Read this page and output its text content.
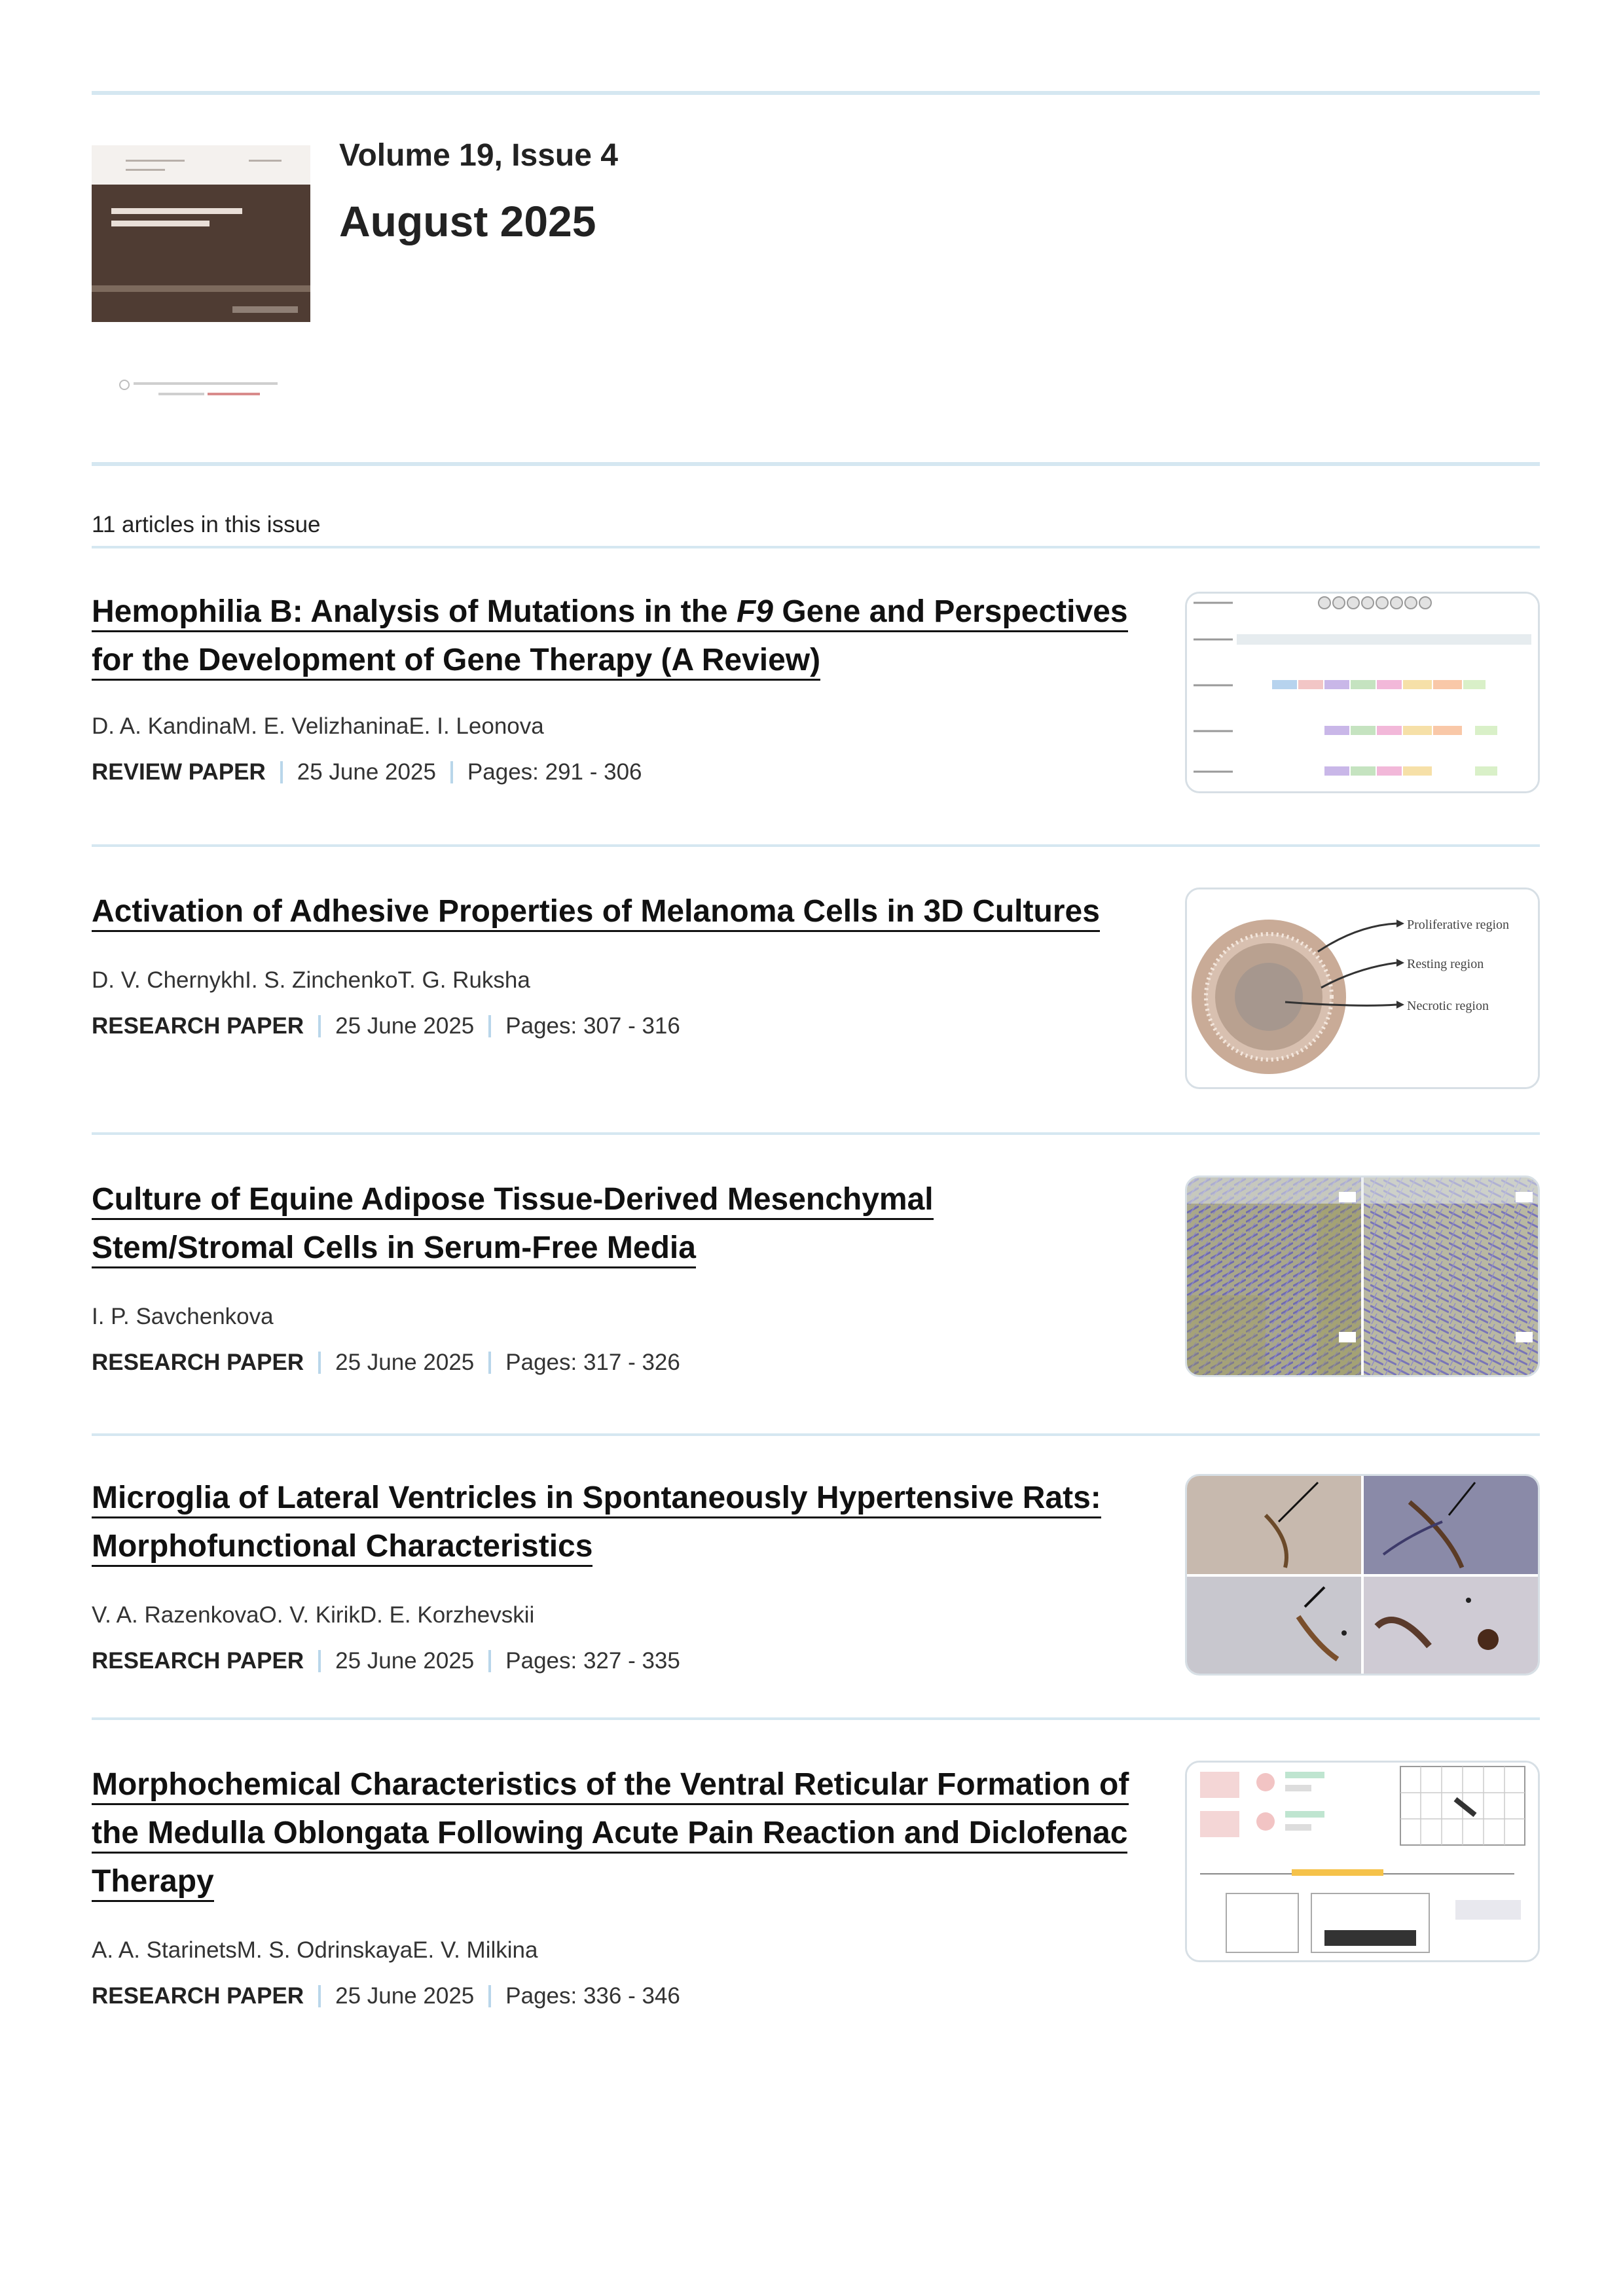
Volume 19, Issue 4
August 2025
11 articles in this issue
Hemophilia B: Analysis of Mutations in the F9 Gene and Perspectives for the Development of Gene Therapy (A Review)
D. A. KandinaM. E. VelizhaninaE. I. Leonova
REVIEW PAPER 25 June 2025 Pages: 291 - 306
Activation of Adhesive Properties of Melanoma Cells in 3D Cultures
D. V. ChernykhI. S. ZinchenkoT. G. Ruksha
RESEARCH PAPER 25 June 2025 Pages: 307 - 316
Proliferative region
Resting region
Necrotic region
Culture of Equine Adipose Tissue-Derived Mesenchymal Stem/Stromal Cells in Serum-Free Media
I. P. Savchenkova
RESEARCH PAPER 25 June 2025 Pages: 317 - 326
Microglia of Lateral Ventricles in Spontaneously Hypertensive Rats: Morphofunctional Characteristics
V. A. RazenkovaO. V. KirikD. E. Korzhevskii
RESEARCH PAPER 25 June 2025 Pages: 327 - 335
Morphochemical Characteristics of the Ventral Reticular Formation of the Medulla Oblongata Following Acute Pain Reaction and Diclofenac Therapy
A. A. StarinetsM. S. OdrinskayaE. V. Milkina
RESEARCH PAPER 25 June 2025 Pages: 336 - 346
